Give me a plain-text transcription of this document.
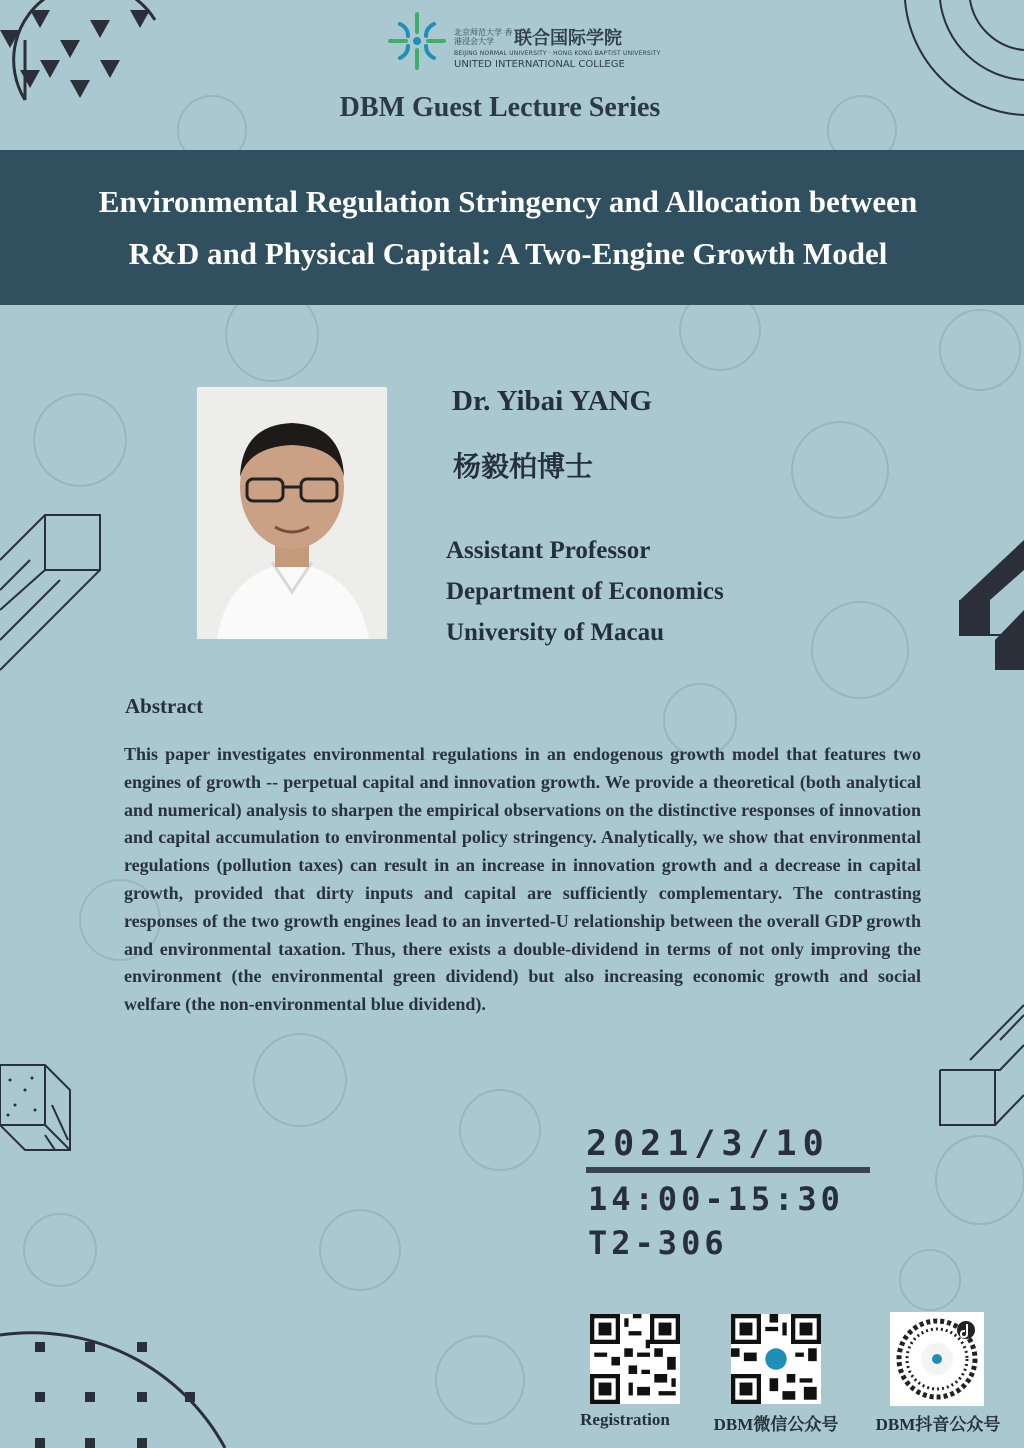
北京师范大学 香港浸会大学	联合国际学院
BEIJING NORMAL UNIVERSITY · HONG KONG BAPTIST UNIVERSITY
UNITED INTERNATIONAL COLLEGE
DBM Guest Lecture Series
Environmental Regulation Stringency and Allocation between
R&D and Physical Capital: A Two-Engine Growth Model
Dr. Yibai YANG
杨毅柏博士
Assistant Professor
Department of Economics
University of Macau
Abstract
This paper investigates environmental regulations in an endogenous growth model that features two engines of growth -- perpetual capital and innovation growth. We provide a theoretical (both analytical and numerical) analysis to sharpen the empirical observations on the distinctive responses of innovation and capital accumulation to environmental policy stringency. Analytically, we show that environmental regulations (pollution taxes) can result in an increase in innovation growth and a decrease in capital growth, provided that dirty inputs and capital are sufficiently complementary. The contrasting responses of the two growth engines lead to an inverted-U relationship between the overall GDP growth and environmental taxation. Thus, there exists a double-dividend in terms of not only improving the environment (the environmental green dividend) but also increasing economic growth and social welfare (the non-environmental blue dividend).
2021/3/10
14:00-15:30
T2-306
Registration	DBM微信公众号	DBM抖音公众号
